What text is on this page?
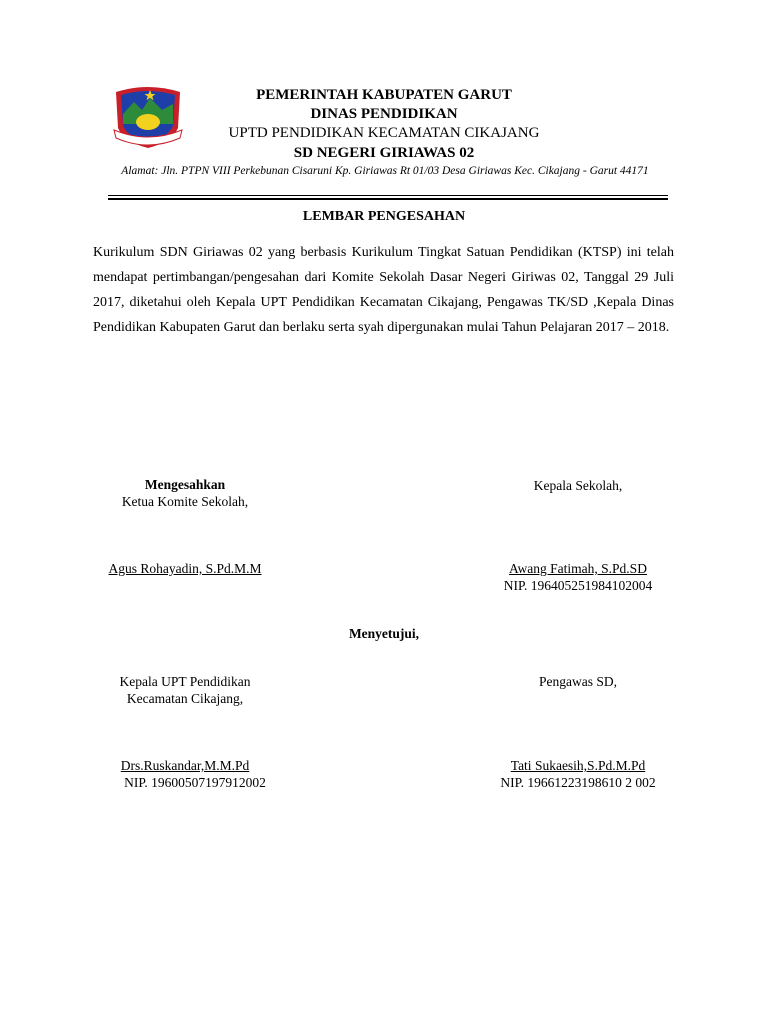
PEMERINTAH KABUPATEN GARUT
DINAS PENDIDIKAN
UPTD PENDIDIKAN KECAMATAN CIKAJANG
SD NEGERI GIRIAWAS 02
Alamat: Jln. PTPN VIII Perkebunan Cisaruni Kp. Giriawas Rt 01/03 Desa Giriawas Kec. Cikajang - Garut 44171
LEMBAR PENGESAHAN
Kurikulum SDN Giriawas 02 yang berbasis Kurikulum Tingkat Satuan Pendidikan (KTSP) ini telah mendapat pertimbangan/pengesahan dari Komite Sekolah Dasar Negeri Giriwas 02, Tanggal 29 Juli 2017, diketahui oleh Kepala UPT Pendidikan Kecamatan Cikajang, Pengawas TK/SD ,Kepala Dinas Pendidikan Kabupaten Garut dan berlaku serta syah dipergunakan mulai Tahun Pelajaran 2017 – 2018.
Mengesahkan
Ketua Komite Sekolah,
Kepala Sekolah,
Agus Rohayadin, S.Pd.M.M	Awang Fatimah, S.Pd.SD
NIP. 196405251984102004
Menyetujui,
Kepala UPT Pendidikan
Kecamatan Cikajang,
Pengawas SD,
Drs.Ruskandar,M.M.Pd
NIP. 19600507197912002
Tati Sukaesih,S.Pd.M.Pd
NIP. 19661223198610 2 002
